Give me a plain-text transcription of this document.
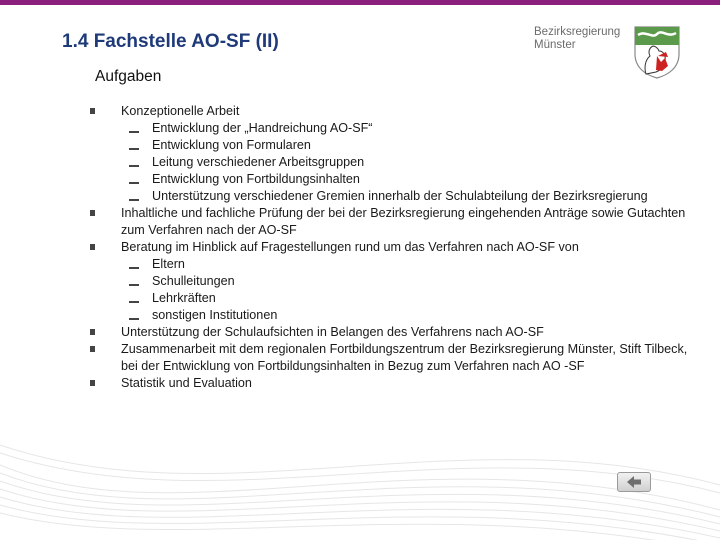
1.4 Fachstelle AO-SF (II)	Bezirksregierung
Münster
Aufgaben
Konzeptionelle Arbeit
Entwicklung der „Handreichung AO-SF“
Entwicklung von Formularen
Leitung verschiedener Arbeitsgruppen
Entwicklung von Fortbildungsinhalten
Unterstützung verschiedener Gremien innerhalb der Schulabteilung der Bezirksregierung
Inhaltliche und fachliche Prüfung der bei der Bezirksregierung eingehenden Anträge sowie Gutachten zum Verfahren nach der AO-SF
Beratung im Hinblick auf Fragestellungen rund um das Verfahren nach AO-SF von
Eltern
Schulleitungen
Lehrkräften
sonstigen Institutionen
Unterstützung der Schulaufsichten in Belangen des Verfahrens nach AO-SF
Zusammenarbeit mit dem regionalen Fortbildungszentrum der Bezirksregierung Münster, Stift Tilbeck, bei der Entwicklung von Fortbildungsinhalten in Bezug zum Verfahren nach AO -SF
Statistik und Evaluation
